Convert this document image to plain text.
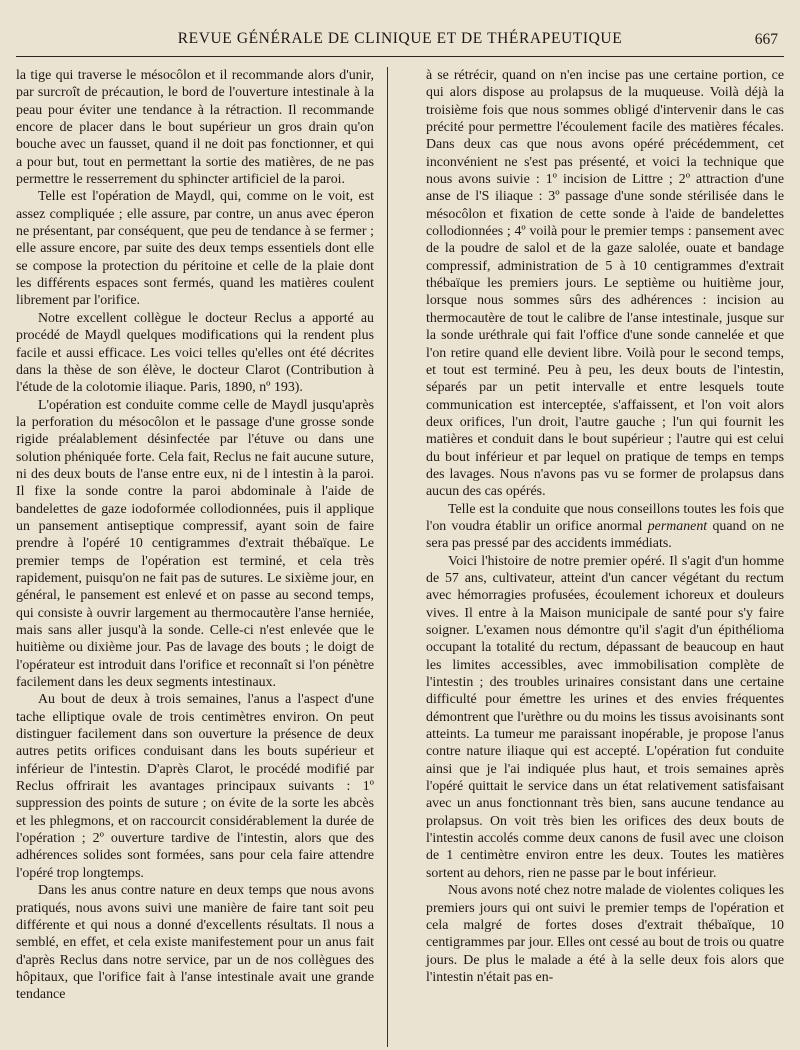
REVUE GÉNÉRALE DE CLINIQUE ET DE THÉRAPEUTIQUE	667

la tige qui traverse le mésocôlon et il recommande alors d'unir, par surcroît de précaution, le bord de l'ouverture intestinale à la peau pour éviter une tendance à la rétraction. Il recommande encore de placer dans le bout supérieur un gros drain qu'on bouche avec un fausset, quand il ne doit pas fonctionner, et qui a pour but, tout en permettant la sortie des matières, de ne pas permettre le resserrement du sphincter artificiel de la paroi.

Telle est l'opération de Maydl, qui, comme on le voit, est assez compliquée ; elle assure, par contre, un anus avec éperon ne présentant, par conséquent, que peu de tendance à se fermer ; elle assure encore, par suite des deux temps essentiels dont elle se compose la protection du péritoine et celle de la plaie dont les différents espaces sont fermés, quand les matières coulent librement par l'orifice.

Notre excellent collègue le docteur Reclus a apporté au procédé de Maydl quelques modifications qui la rendent plus facile et aussi efficace. Les voici telles qu'elles ont été décrites dans la thèse de son élève, le docteur Clarot (Contribution à l'étude de la colotomie iliaque. Paris, 1890, nº 193).

L'opération est conduite comme celle de Maydl jusqu'après la perforation du mésocôlon et le passage d'une grosse sonde rigide préalablement désinfectée par l'étuve ou dans une solution phéniquée forte. Cela fait, Reclus ne fait aucune suture, ni des deux bouts de l'anse entre eux, ni de l intestin à la paroi. Il fixe la sonde contre la paroi abdominale à l'aide de bandelettes de gaze iodoformée collodionnées, puis il applique un pansement antiseptique compressif, ayant soin de faire prendre à l'opéré 10 centigrammes d'extrait thébaïque. Le premier temps de l'opération est terminé, et cela très rapidement, puisqu'on ne fait pas de sutures. Le sixième jour, en général, le pansement est enlevé et on passe au second temps, qui consiste à ouvrir largement au thermocautère l'anse herniée, mais sans aller jusqu'à la sonde. Celle-ci n'est enlevée que le huitième ou dixième jour. Pas de lavage des bouts ; le doigt de l'opérateur est introduit dans l'orifice et reconnaît si l'on pénètre facilement dans les deux segments intestinaux.

Au bout de deux à trois semaines, l'anus a l'aspect d'une tache elliptique ovale de trois centimètres environ. On peut distinguer facilement dans son ouverture la présence de deux autres petits orifices conduisant dans les bouts supérieur et inférieur de l'intestin. D'après Clarot, le procédé modifié par Reclus offrirait les avantages principaux suivants : 1º suppression des points de suture ; on évite de la sorte les abcès et les phlegmons, et on raccourcit considérablement la durée de l'opération ; 2º ouverture tardive de l'intestin, alors que des adhérences solides sont formées, sans pour cela faire attendre l'opéré trop longtemps.

Dans les anus contre nature en deux temps que nous avons pratiqués, nous avons suivi une manière de faire tant soit peu différente et qui nous a donné d'excellents résultats. Il nous a semblé, en effet, et cela existe manifestement pour un anus fait d'après Reclus dans notre service, par un de nos collègues des hôpitaux, que l'orifice fait à l'anse intestinale avait une grande tendance

à se rétrécir, quand on n'en incise pas une certaine portion, ce qui alors dispose au prolapsus de la muqueuse. Voilà déjà la troisième fois que nous sommes obligé d'intervenir dans le cas précité pour permettre l'écoulement facile des matières fécales. Dans deux cas que nous avons opéré précédemment, cet inconvénient ne s'est pas présenté, et voici la technique que nous avons suivie : 1º incision de Littre ; 2º attraction d'une anse de l'S iliaque : 3º passage d'une sonde stérilisée dans le mésocôlon et fixation de cette sonde à l'aide de bandelettes collodionnées ; 4º voilà pour le premier temps : pansement avec de la poudre de salol et de la gaze salolée, ouate et bandage compressif, administration de 5 à 10 centigrammes d'extrait thébaïque les premiers jours. Le septième ou huitième jour, lorsque nous sommes sûrs des adhérences : incision au thermocautère de tout le calibre de l'anse intestinale, jusque sur la sonde uréthrale qui fait l'office d'une sonde cannelée et que l'on retire quand elle devient libre. Voilà pour le second temps, et tout est terminé. Peu à peu, les deux bouts de l'intestin, séparés par un petit intervalle et entre lesquels toute communication est interceptée, s'affaissent, et l'on voit alors deux orifices, l'un droit, l'autre gauche ; l'un qui fournit les matières et conduit dans le bout supérieur ; l'autre qui est celui du bout inférieur et par lequel on pratique de temps en temps des lavages. Nous n'avons pas vu se former de prolapsus dans aucun des cas opérés.

Telle est la conduite que nous conseillons toutes les fois que l'on voudra établir un orifice anormal permanent quand on ne sera pas pressé par des accidents immédiats.

Voici l'histoire de notre premier opéré. Il s'agit d'un homme de 57 ans, cultivateur, atteint d'un cancer végétant du rectum avec hémorragies profusées, écoulement ichoreux et douleurs vives. Il entre à la Maison municipale de santé pour s'y faire soigner. L'examen nous démontre qu'il s'agit d'un épithélioma occupant la totalité du rectum, dépassant de beaucoup en haut les limites accessibles, avec immobilisation complète de l'intestin ; des troubles urinaires consistant dans une certaine difficulté pour émettre les urines et des envies fréquentes démontrent que l'urèthre ou du moins les tissus avoisinants sont atteints. La tumeur me paraissant inopérable, je propose l'anus contre nature iliaque qui est accepté. L'opération fut conduite ainsi que je l'ai indiquée plus haut, et trois semaines après l'opéré quittait le service dans un état relativement satisfaisant avec un anus fonctionnant très bien, sans aucune tendance au prolapsus. On voit très bien les orifices des deux bouts de l'intestin accolés comme deux canons de fusil avec une cloison de 1 centimètre environ entre les deux. Toutes les matières sortent au dehors, rien ne passe par le bout inférieur.

Nous avons noté chez notre malade de violentes coliques les premiers jours qui ont suivi le premier temps de l'opération et cela malgré de fortes doses d'extrait thébaïque, 10 centigrammes par jour. Elles ont cessé au bout de trois ou quatre jours. De plus le malade a été à la selle deux fois alors que l'intestin n'était pas en-
